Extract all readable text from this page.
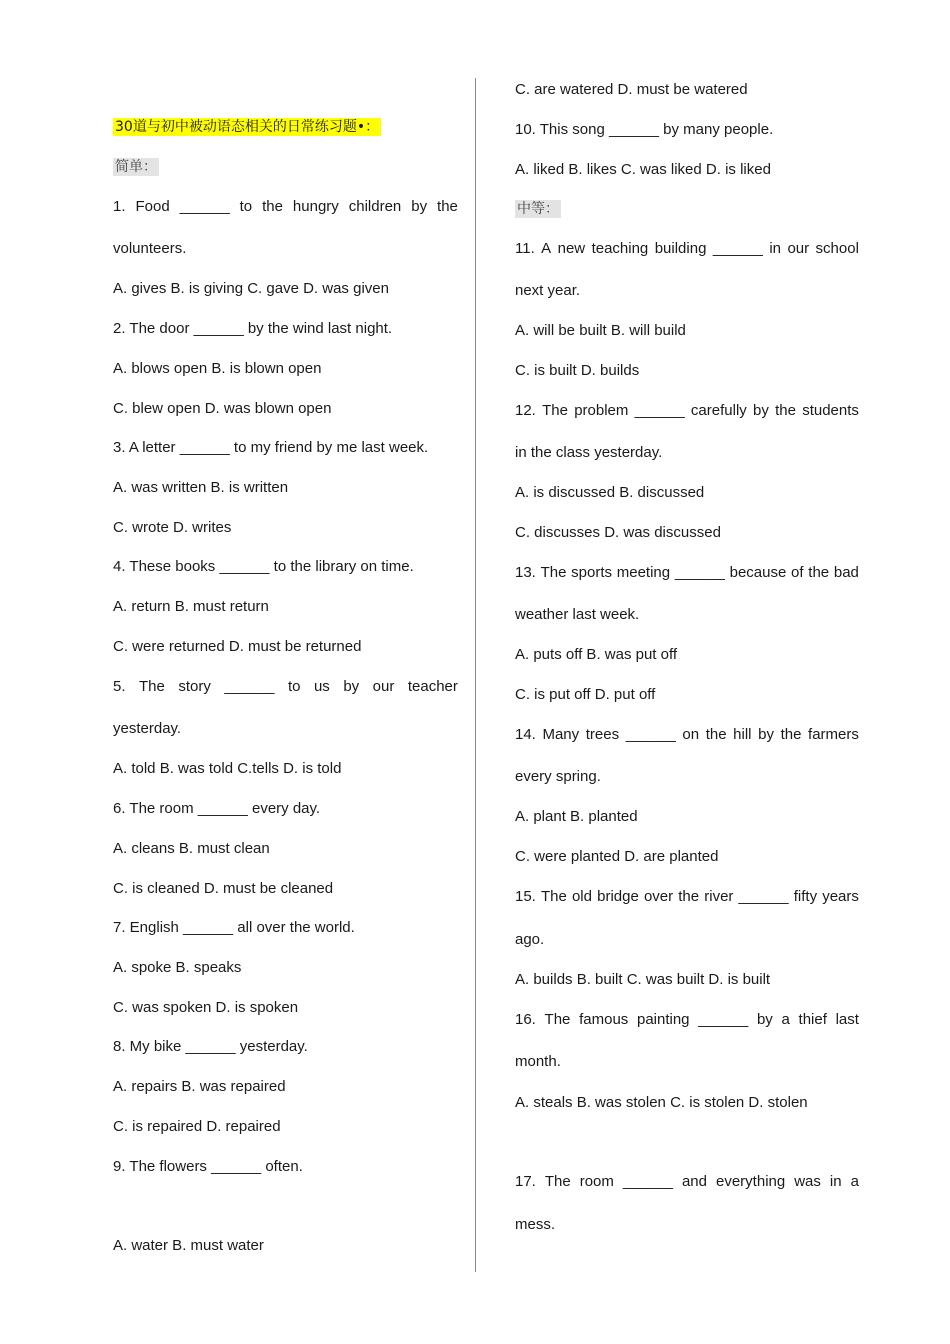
30道与初中被动语态相关的日常练习题•：
简单：
1. Food ______ to the hungry children by the
volunteers.
A. gives B. is giving C. gave D. was given
2. The door ______ by the wind last night.
A. blows open B. is blown open
C. blew open D. was blown open
3. A letter ______ to my friend by me last week.
A. was written B. is written
C. wrote D. writes
4. These books ______ to the library on time.
A. return B. must return
C. were returned D. must be returned
5. The story ______ to us by our teacher
yesterday.
A. told B. was told C.tells D. is told
6. The room ______ every day.
A. cleans B. must clean
C. is cleaned D. must be cleaned
7. English ______ all over the world.
A. spoke B. speaks
C. was spoken D. is spoken
8. My bike ______ yesterday.
A. repairs B. was repaired
C. is repaired D. repaired
9. The flowers ______ often.
A. water B. must water
C. are watered D. must be watered
10. This song ______ by many people.
A. liked B. likes C. was liked D. is liked
中等：
11. A new teaching building ______ in our school
next year.
A. will be built B. will build
C. is built D. builds
12. The problem ______ carefully by the students
in the class yesterday.
A. is discussed B. discussed
C. discusses D. was discussed
13. The sports meeting ______ because of the bad
weather last week.
A. puts off B. was put off
C. is put off D. put off
14. Many trees ______ on the hill by the farmers
every spring.
A. plant B. planted
C. were planted D. are planted
15. The old bridge over the river ______ fifty years
ago.
A. builds B. built C. was built D. is built
16. The famous painting ______ by a thief last
month.
A. steals B. was stolen C. is stolen D. stolen
17. The room ______ and everything was in a
mess.
